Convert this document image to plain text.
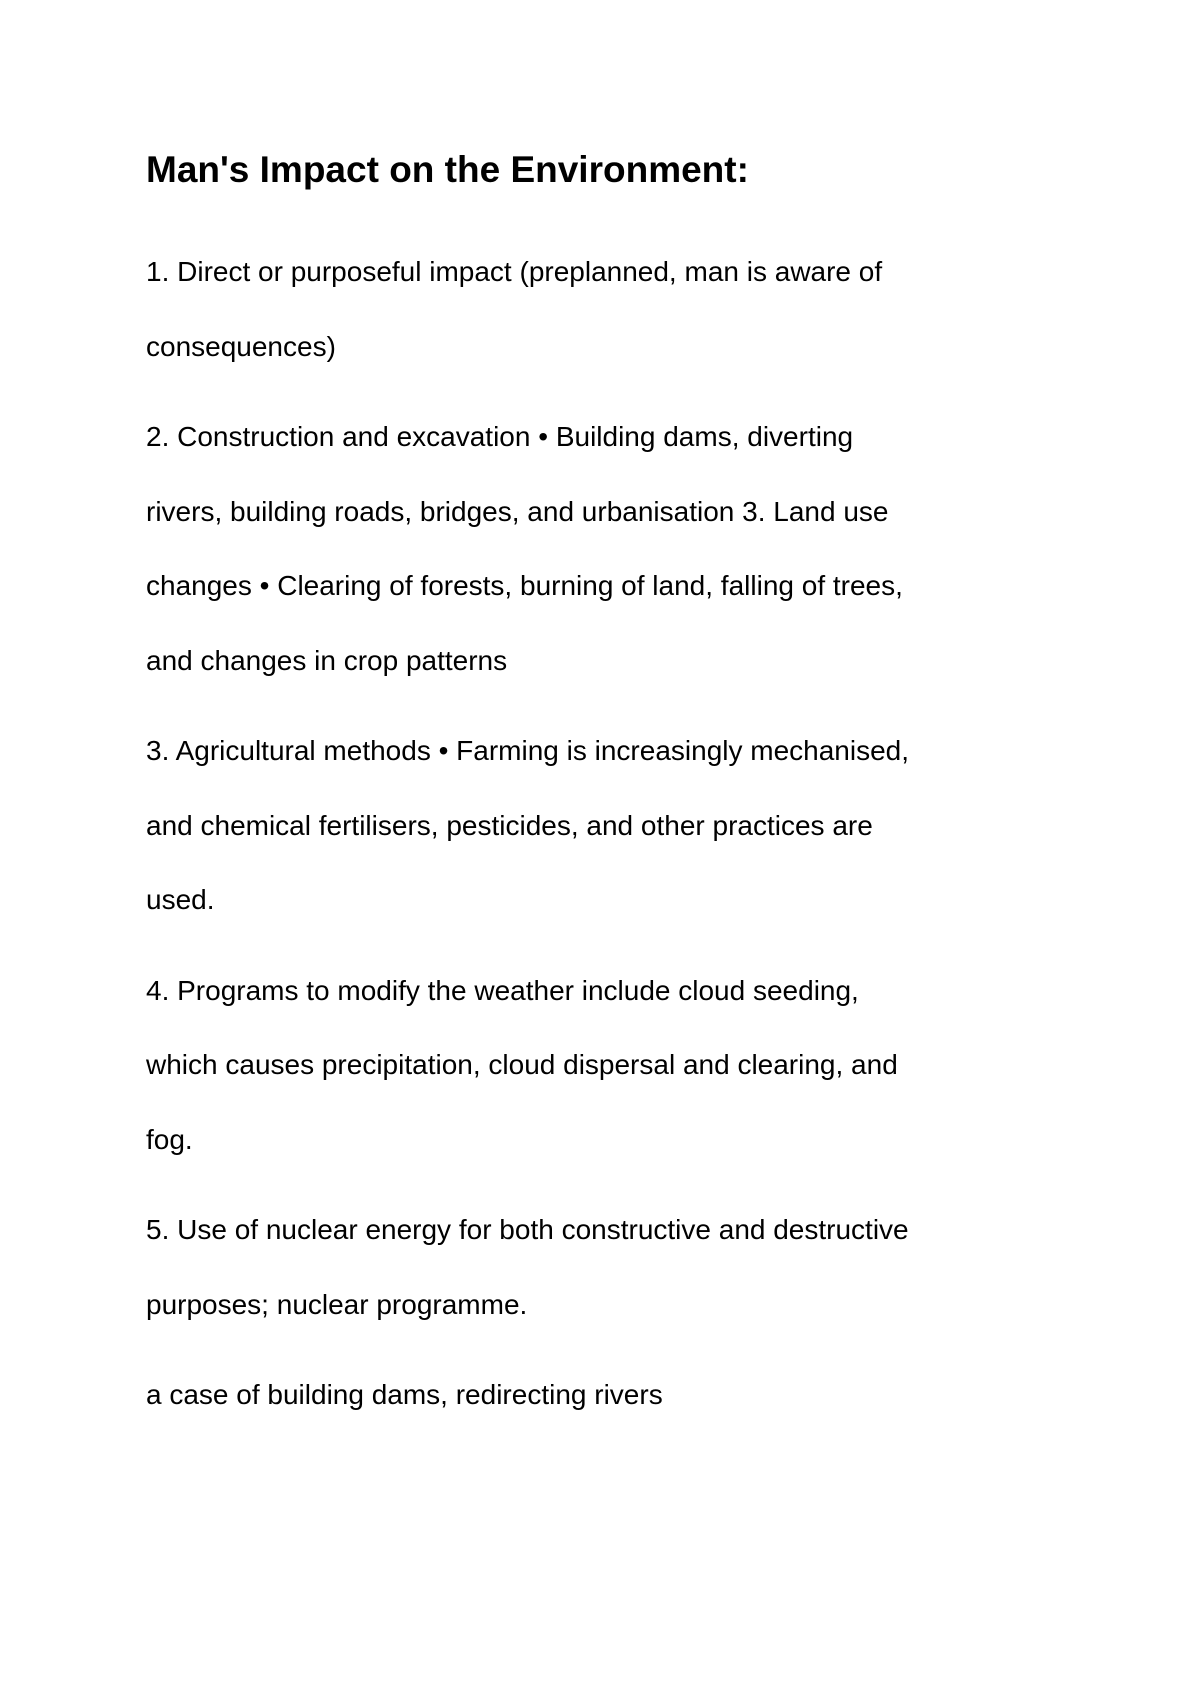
Man's Impact on the Environment:

1. Direct or purposeful impact (preplanned, man is aware of
consequences)

2. Construction and excavation • Building dams, diverting
rivers, building roads, bridges, and urbanisation 3. Land use
changes • Clearing of forests, burning of land, falling of trees,
and changes in crop patterns

3. Agricultural methods • Farming is increasingly mechanised,
and chemical fertilisers, pesticides, and other practices are
used.

4. Programs to modify the weather include cloud seeding,
which causes precipitation, cloud dispersal and clearing, and
fog.

5. Use of nuclear energy for both constructive and destructive
purposes; nuclear programme.

a case of building dams, redirecting rivers
